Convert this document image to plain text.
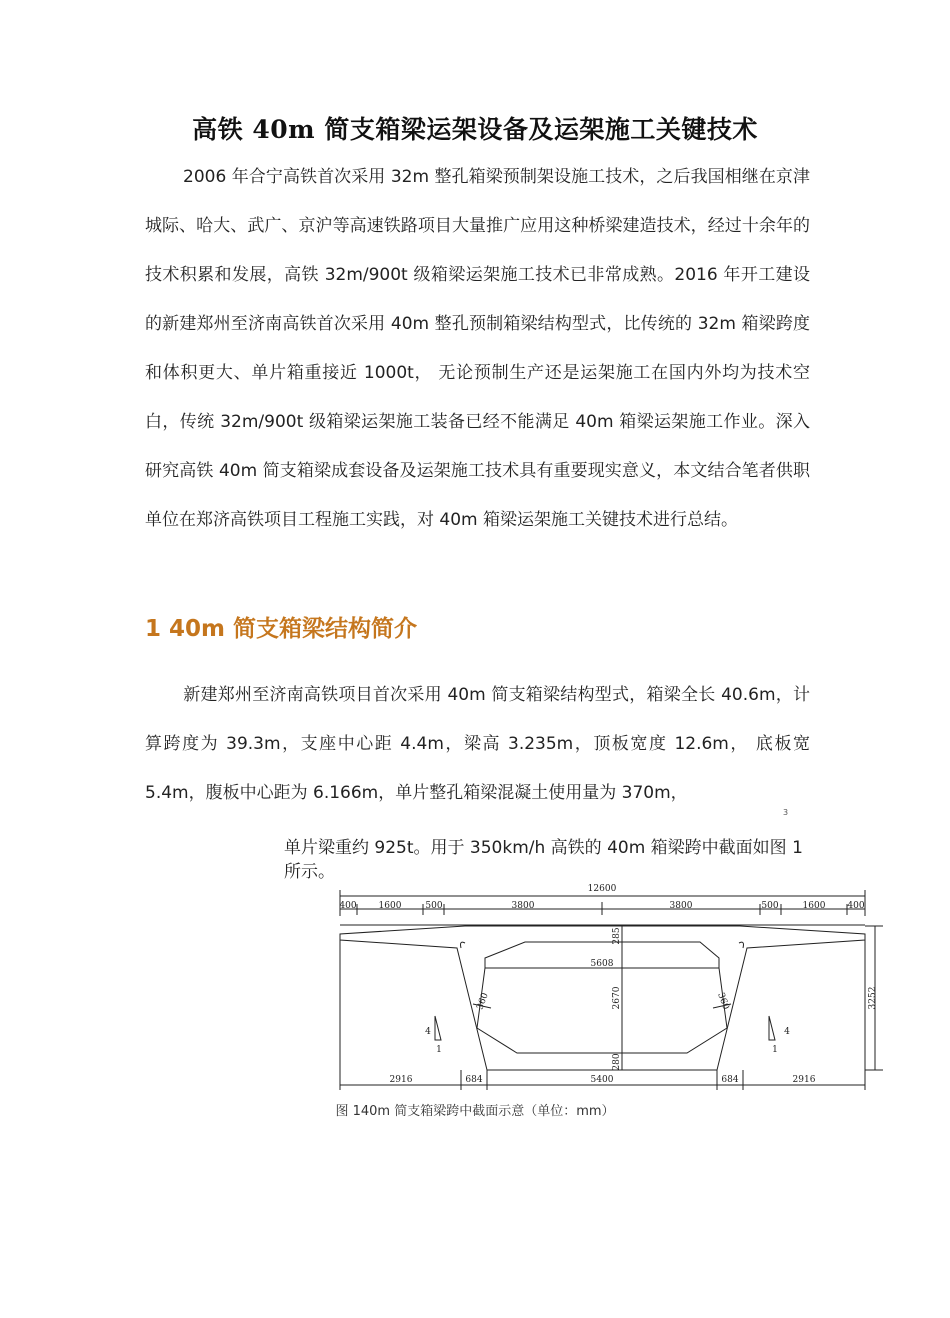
高铁 40m 简支箱梁运架设备及运架施工关键技术

2006 年合宁高铁首次采用 32m 整孔箱梁预制架设施工技术，之后我国相继在京津城际、哈大、武广、京沪等高速铁路项目大量推广应用这种桥梁建造技术，经过十余年的技术积累和发展，高铁 32m/900t 级箱梁运架施工技术已非常成熟。2016 年开工建设的新建郑州至济南高铁首次采用 40m 整孔预制箱梁结构型式，比传统的 32m 箱梁跨度和体积更大、单片箱重接近 1000t， 无论预制生产还是运架施工在国内外均为技术空白，传统 32m/900t 级箱梁运架施工装备已经不能满足 40m 箱梁运架施工作业。深入研究高铁 40m 简支箱梁成套设备及运架施工技术具有重要现实意义，本文结合笔者供职单位在郑济高铁项目工程施工实践，对 40m 箱梁运架施工关键技术进行总结。

1 40m 简支箱梁结构简介

新建郑州至济南高铁项目首次采用 40m 简支箱梁结构型式，箱梁全长 40.6m，计算跨度为 39.3m，支座中心距 4.4m，梁高 3.235m，顶板宽度 12.6m， 底板宽 5.4m，腹板中心距为 6.166m，单片整孔箱梁混凝土使用量为 370m，

3

单片梁重约 925t。用于 350km/h 高铁的 40m 箱梁跨中截面如图 1 所示。

12600
400 1600	500	3800	3800	500	1600 400
5608
2670
285
280
360	360	3252
4
1
4
1
2916	684	5400	684	2916
图 140m 简支箱梁跨中截面示意（单位：mm）
